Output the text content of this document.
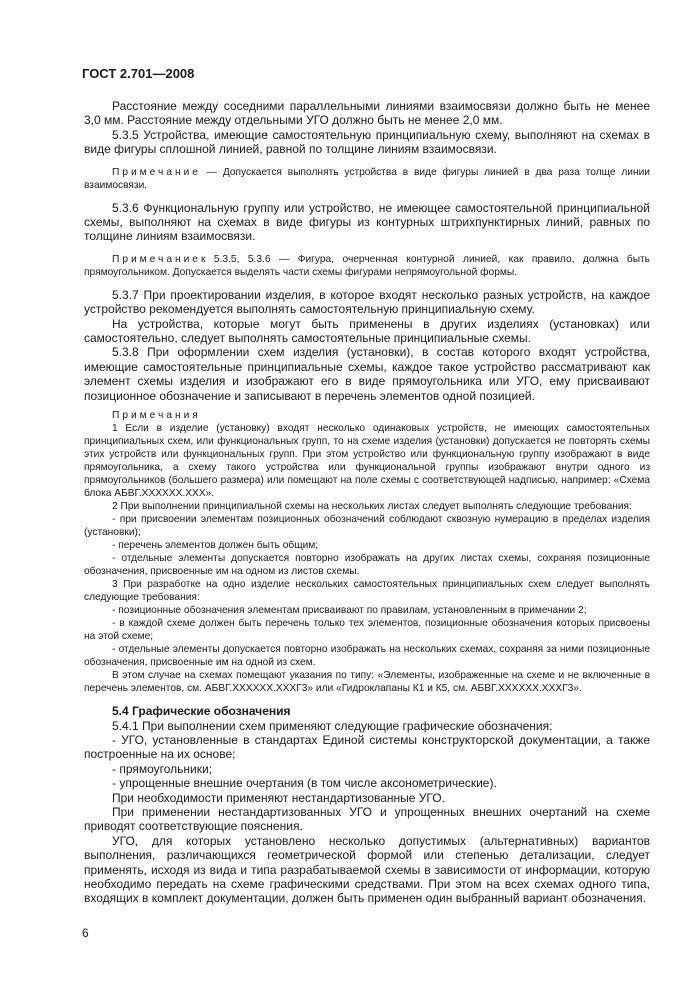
ГОСТ 2.701—2008

Расстояние между соседними параллельными линиями взаимосвязи должно быть не менее 3,0 мм. Расстояние между отдельными УГО должно быть не менее 2,0 мм.

5.3.5 Устройства, имеющие самостоятельную принципиальную схему, выполняют на схемах в виде фигуры сплошной линией, равной по толщине линиям взаимосвязи.

Примечание — Допускается выполнять устройства в виде фигуры линией в два раза толще линии взаимосвязи.

5.3.6 Функциональную группу или устройство, не имеющее самостоятельной принципиальной схемы, выполняют на схемах в виде фигуры из контурных штрихпунктирных линий, равных по толщине линиям взаимосвязи.

Примечаниек 5.3.5, 5.3.6 — Фигура, очерченная контурной линией, как правило, должна быть прямоугольником. Допускается выделять части схемы фигурами непрямоугольной формы.

5.3.7 При проектировании изделия, в которое входят несколько разных устройств, на каждое устройство рекомендуется выполнять самостоятельную принципиальную схему.

На устройства, которые могут быть применены в других изделиях (установках) или самостоятельно, следует выполнять самостоятельные принципиальные схемы.

5.3.8 При оформлении схем изделия (установки), в состав которого входят устройства, имеющие самостоятельные принципиальные схемы, каждое такое устройство рассматривают как элемент схемы изделия и изображают его в виде прямоугольника или УГО, ему присваивают позиционное обозначение и записывают в перечень элементов одной позицией.

Примечания

1 Если в изделие (установку) входят несколько одинаковых устройств, не имеющих самостоятельных принципиальных схем, или функциональных групп, то на схеме изделия (установки) допускается не повторять схемы этих устройств или функциональных групп. При этом устройство или функциональную группу изображают в виде прямоугольника, а схему такого устройства или функциональной группы изображают внутри одного из прямоугольников (большего размера) или помещают на поле схемы с соответствующей надписью, например: «Схема блока АБВГ.XXXXXX.XXX».

2 При выполнении принципиальной схемы на нескольких листах следует выполнять следующие требования:

- при присвоении элементам позиционных обозначений соблюдают сквозную нумерацию в пределах изделия (установки);

- перечень элементов должен быть общим;

- отдельные элементы допускается повторно изображать на других листах схемы, сохраняя позиционные обозначения, присвоенные им на одном из листов схемы.

3 При разработке на одно изделие нескольких самостоятельных принципиальных схем следует выполнять следующие требования:

- позиционные обозначения элементам присваивают по правилам, установленным в примечании 2;

- в каждой схеме должен быть перечень только тех элементов, позиционные обозначения которых присвоены на этой схеме;

- отдельные элементы допускается повторно изображать на нескольких схемах, сохраняя за ними позиционные обозначения, присвоенные им на одной из схем.

В этом случае на схемах помещают указания по типу: «Элементы, изображенные на схеме и не включенные в перечень элементов, см. АБВГ.XXXXXX.XXXГ3» или «Гидроклапаны К1 и К5, см. АБВГ.XXXXXX.XXXГ3».

5.4 Графические обозначения

5.4.1 При выполнении схем применяют следующие графические обозначения:

- УГО, установленные в стандартах Единой системы конструкторской документации, а также построенные на их основе;

- прямоугольники;

- упрощенные внешние очертания (в том числе аксонометрические).

При необходимости применяют нестандартизованные УГО.

При применении нестандартизованных УГО и упрощенных внешних очертаний на схеме приводят соответствующие пояснения.

УГО, для которых установлено несколько допустимых (альтернативных) вариантов выполнения, различающихся геометрической формой или степенью детализации, следует применять, исходя из вида и типа разрабатываемой схемы в зависимости от информации, которую необходимо передать на схеме графическими средствами. При этом на всех схемах одного типа, входящих в комплект документации, должен быть применен один выбранный вариант обозначения.

6
